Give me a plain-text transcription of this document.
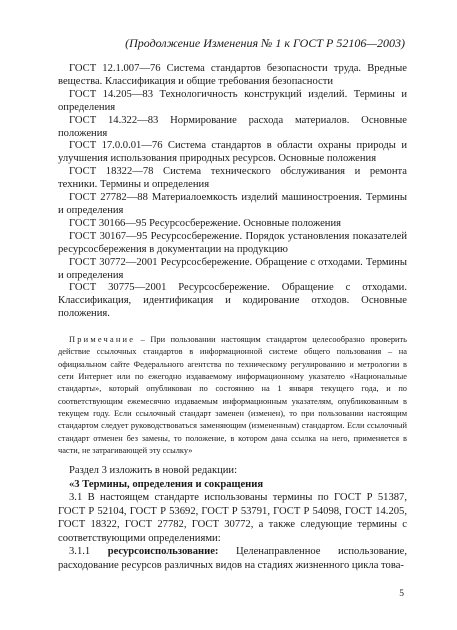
(Продолжение Изменения № 1 к ГОСТ Р 52106—2003)

ГОСТ 12.1.007—76 Система стандартов безопасности труда. Вредные вещества. Классификация и общие требования безопасности

ГОСТ 14.205—83 Технологичность конструкций изделий. Термины и определения

ГОСТ 14.322—83 Нормирование расхода материалов. Основные положения

ГОСТ 17.0.0.01—76 Система стандартов в области охраны природы и улучшения использования природных ресурсов. Основные положения

ГОСТ 18322—78 Система технического обслуживания и ремонта техники. Термины и определения

ГОСТ 27782—88 Материалоемкость изделий машиностроения. Термины и определения

ГОСТ 30166—95 Ресурсосбережение. Основные положения

ГОСТ 30167—95 Ресурсосбережение. Порядок установления показателей ресурсосбережения в документации на продукцию

ГОСТ 30772—2001 Ресурсосбережение. Обращение с отходами. Термины и определения

ГОСТ 30775—2001 Ресурсосбережение. Обращение с отходами. Классификация, идентификация и кодирование отходов. Основные положения.

Примечание – При пользовании настоящим стандартом целесообразно проверить действие ссылочных стандартов в информационной системе общего пользования – на официальном сайте Федерального агентства по техническому регулированию и метрологии в сети Интернет или по ежегодно издаваемому информационному указателю «Национальные стандарты», который опубликован по состоянию на 1 января текущего года, и по соответствующим ежемесячно издаваемым информационным указателям, опубликованным в текущем году. Если ссылочный стандарт заменен (изменен), то при пользовании настоящим стандартом следует руководствоваться заменяющим (измененным) стандартом. Если ссылочный стандарт отменен без замены, то положение, в котором дана ссылка на него, применяется в части, не затрагивающей эту ссылку»

Раздел 3 изложить в новой редакции:

«3 Термины, определения и сокращения

3.1 В настоящем стандарте использованы термины по ГОСТ Р 51387, ГОСТ Р 52104, ГОСТ Р 53692, ГОСТ Р 53791, ГОСТ Р 54098, ГОСТ 14.205, ГОСТ 18322, ГОСТ 27782, ГОСТ 30772, а также следующие термины с соответствующими определениями:

3.1.1 ресурсоиспользование: Целенаправленное использование, расходование ресурсов различных видов на стадиях жизненного цикла това-

5
